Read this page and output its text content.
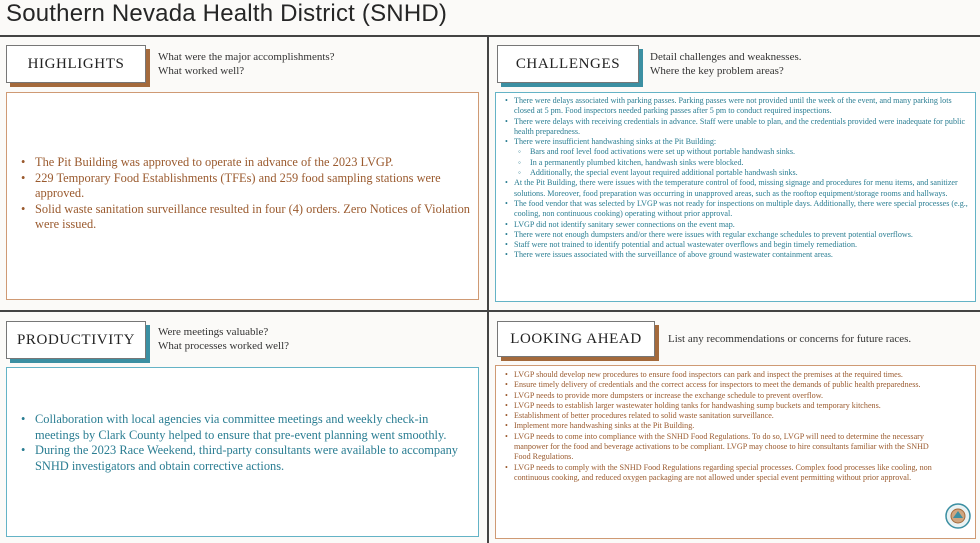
Southern Nevada Health District (SNHD)
HIGHLIGHTS	What were the major accomplishments?
What worked well?
• The Pit Building was approved to operate in advance of the 2023 LVGP.
• 229 Temporary Food Establishments (TFEs) and 259 food sampling stations were approved.
• Solid waste sanitation surveillance resulted in four (4) orders. Zero Notices of Violation were issued.
CHALLENGES	Detail challenges and weaknesses.
Where the key problem areas?
• There were delays associated with parking passes. Parking passes were not provided until the week of the event, and many parking lots closed at 5 pm. Food inspectors needed parking passes after 5 pm to conduct required inspections.
• There were delays with receiving credentials in advance. Staff were unable to plan, and the credentials provided were inadequate for public health preparedness.
• There were insufficient handwashing sinks at the Pit Building:
◦ Bars and roof level food activations were set up without portable handwash sinks.
◦ In a permanently plumbed kitchen, handwash sinks were blocked.
◦ Additionally, the special event layout required additional portable handwash sinks.
• At the Pit Building, there were issues with the temperature control of food, missing signage and procedures for menu items, and sanitizer solutions. Moreover, food preparation was occurring in unapproved areas, such as the rooftop equipment/storage rooms and hallways.
• The food vendor that was selected by LVGP was not ready for inspections on multiple days. Additionally, there were special processes (e.g., cooling, non continuous cooking) operating without prior approval.
• LVGP did not identify sanitary sewer connections on the event map.
• There were not enough dumpsters and/or there were issues with regular exchange schedules to prevent potential overflows.
• Staff were not trained to identify potential and actual wastewater overflows and begin timely remediation.
• There were issues associated with the surveillance of above ground wastewater containment areas.
PRODUCTIVITY Were meetings valuable?
What processes worked well?
• Collaboration with local agencies via committee meetings and weekly check-in meetings by Clark County helped to ensure that pre-event planning went smoothly.
• During the 2023 Race Weekend, third-party consultants were available to accompany SNHD investigators and obtain corrective actions.
LOOKING AHEAD List any recommendations or concerns for future races.
• LVGP should develop new procedures to ensure food inspectors can park and inspect the premises at the required times.
• Ensure timely delivery of credentials and the correct access for inspectors to meet the demands of public health preparedness.
• LVGP needs to provide more dumpsters or increase the exchange schedule to prevent overflow.
• LVGP needs to establish larger wastewater holding tanks for handwashing sump buckets and temporary kitchens.
• Establishment of better procedures related to solid waste sanitation surveillance.
• Implement more handwashing sinks at the Pit Building.
• LVGP needs to come into compliance with the SNHD Food Regulations. To do so, LVGP will need to determine the necessary manpower for the food and beverage activations to be compliant. LVGP may choose to hire consultants familiar with the SNHD Food Regulations.
• LVGP needs to comply with the SNHD Food Regulations regarding special processes. Complex food processes like cooling, non continuous cooking, and reduced oxygen packaging are not allowed under special event permitting without prior approval.
